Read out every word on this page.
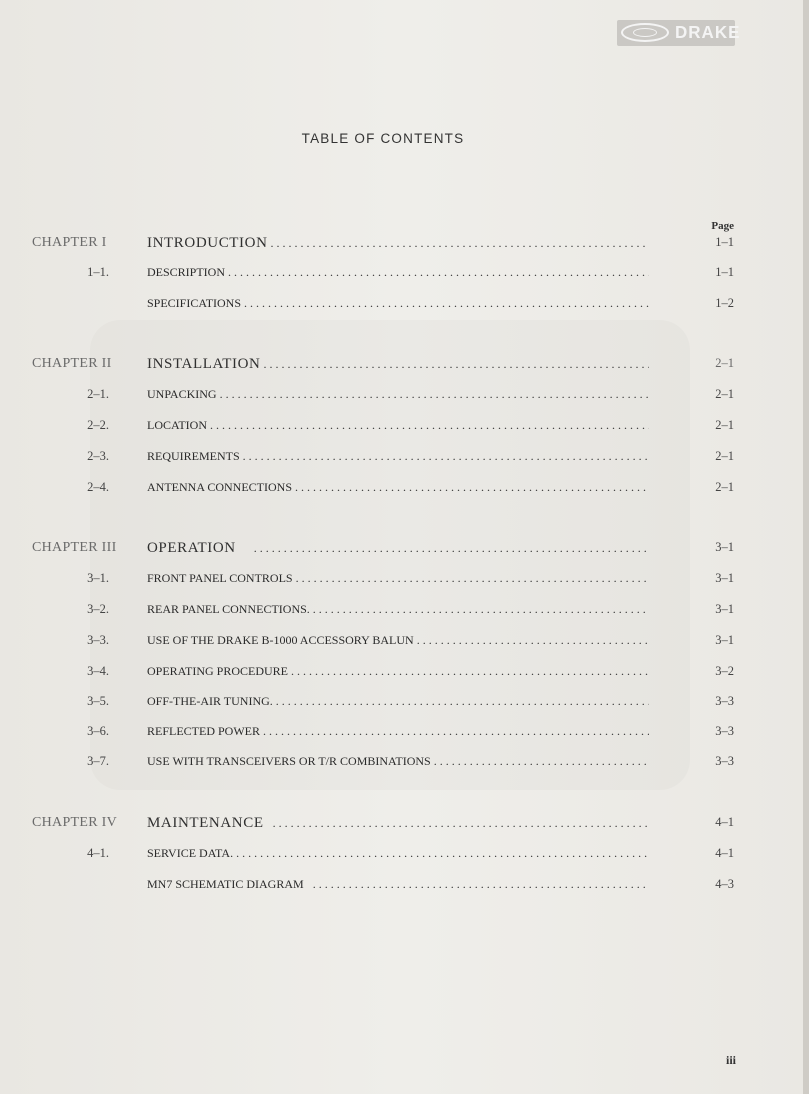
DRAKE
TABLE OF CONTENTS
Page
CHAPTER I	INTRODUCTION . . .	1–1
1–1.	DESCRIPTION . . .	1–1
SPECIFICATIONS . . .	1–2
CHAPTER II INSTALLATION . . .	2–1
2–1.	UNPACKING . . .	2–1
2–2.	LOCATION . . .	2–1
2–3.	REQUIREMENTS . . .	2–1
2–4.	ANTENNA CONNECTIONS . . .	2–1
CHAPTER III OPERATION . . .	3–1
3–1.	FRONT PANEL CONTROLS . . .	3–1
3–2.	REAR PANEL CONNECTIONS. . . .	3–1
3–3.	USE OF THE DRAKE B-1000 ACCESSORY BALUN . . .	3–1
3–4.	OPERATING PROCEDURE . . .	3–2
3–5.	OFF-THE-AIR TUNING. . . .	3–3
3–6.	REFLECTED POWER . . .	3–3
3–7.	USE WITH TRANSCEIVERS OR T/R COMBINATIONS . . .	3–3
CHAPTER IV MAINTENANCE . . .	4–1
4–1.	SERVICE DATA. . . .	4–1
MN7 SCHEMATIC DIAGRAM . . .	4–3
iii
